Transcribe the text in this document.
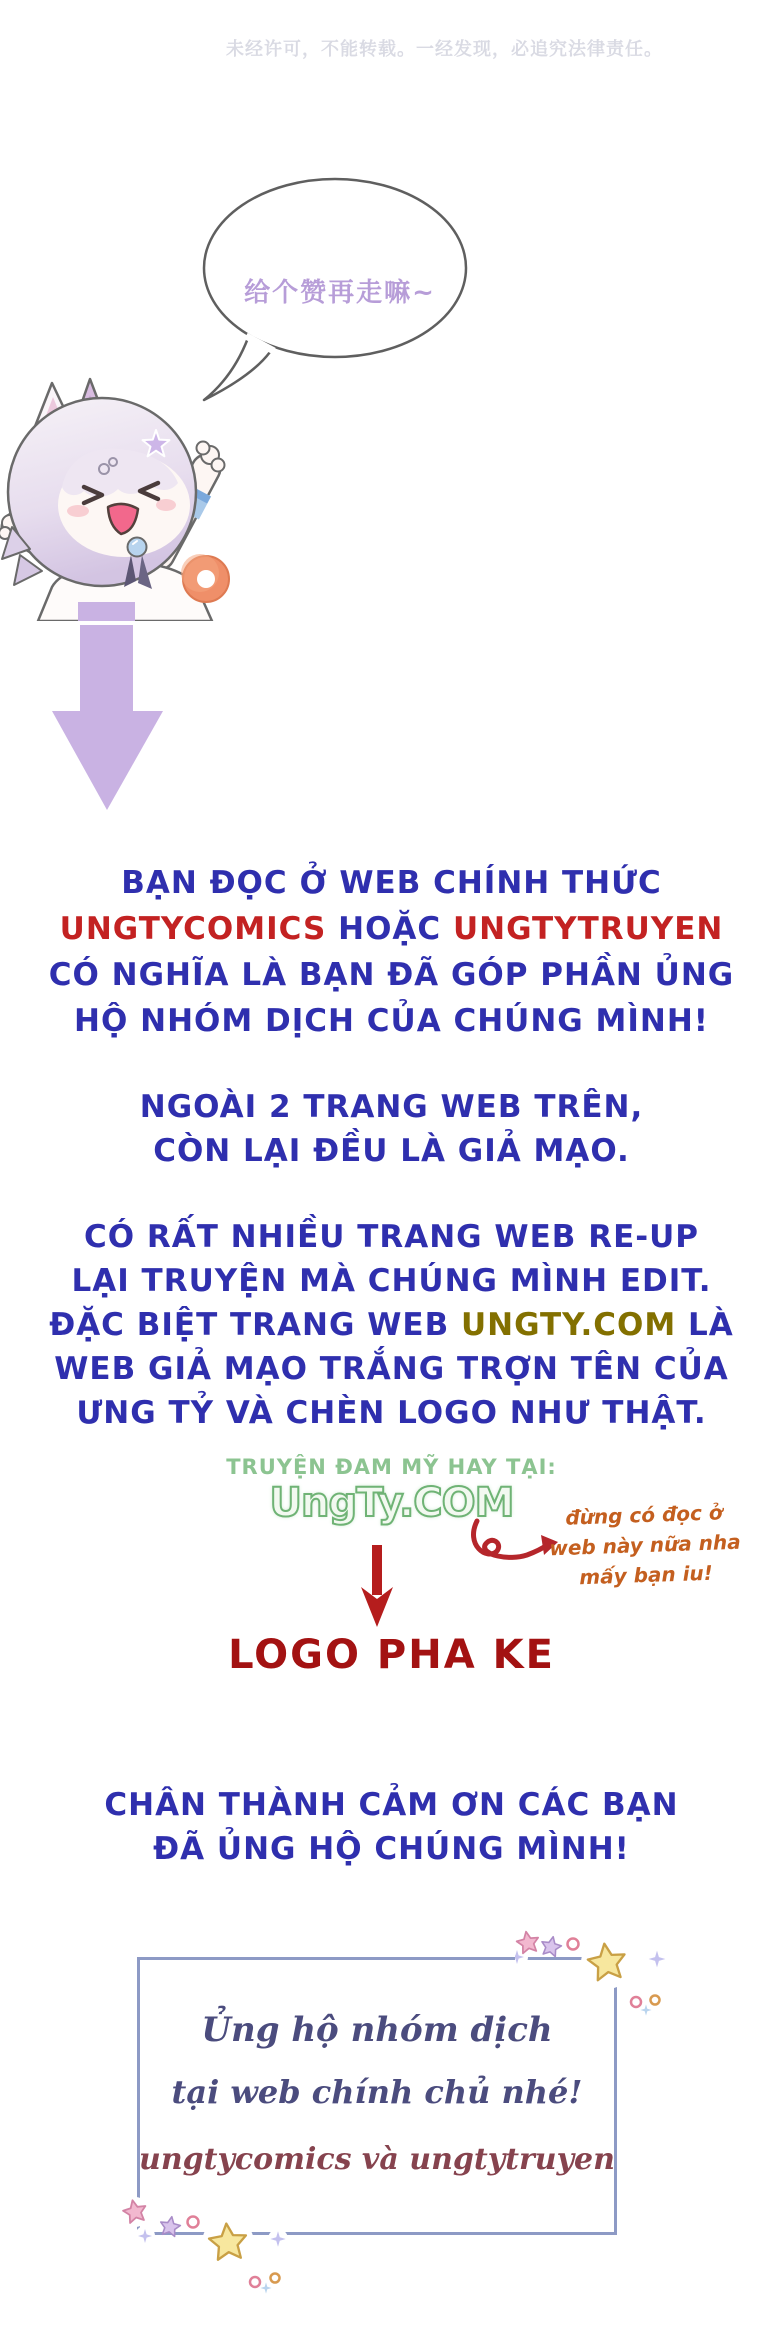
未经许可，不能转载。一经发现，必追究法律责任。
给个赞再走嘛~
BẠN ĐỌC Ở WEB CHÍNH THỨC
UNGTYCOMICS HOẶC UNGTYTRUYEN
CÓ NGHĨA LÀ BẠN ĐÃ GÓP PHẦN ỦNG
HỘ NHÓM DỊCH CỦA CHÚNG MÌNH!
NGOÀI 2 TRANG WEB TRÊN,
CÒN LẠI ĐỀU LÀ GIẢ MẠO.
CÓ RẤT NHIỀU TRANG WEB RE-UP
LẠI TRUYỆN MÀ CHÚNG MÌNH EDIT.
ĐẶC BIỆT TRANG WEB UNGTY.COM LÀ
WEB GIẢ MẠO TRẮNG TRỢN TÊN CỦA
ƯNG TỶ VÀ CHÈN LOGO NHƯ THẬT.
TRUYỆN ĐAM MỸ HAY TẠI:
UngTy.COM	đừng có đọc ở
web này nữa nha
mấy bạn iu!
LOGO PHA KE
CHÂN THÀNH CẢM ƠN CÁC BẠN
ĐÃ ỦNG HỘ CHÚNG MÌNH!
Ủng hộ nhóm dịch
tại web chính chủ nhé!
ungtycomics và ungtytruyen
